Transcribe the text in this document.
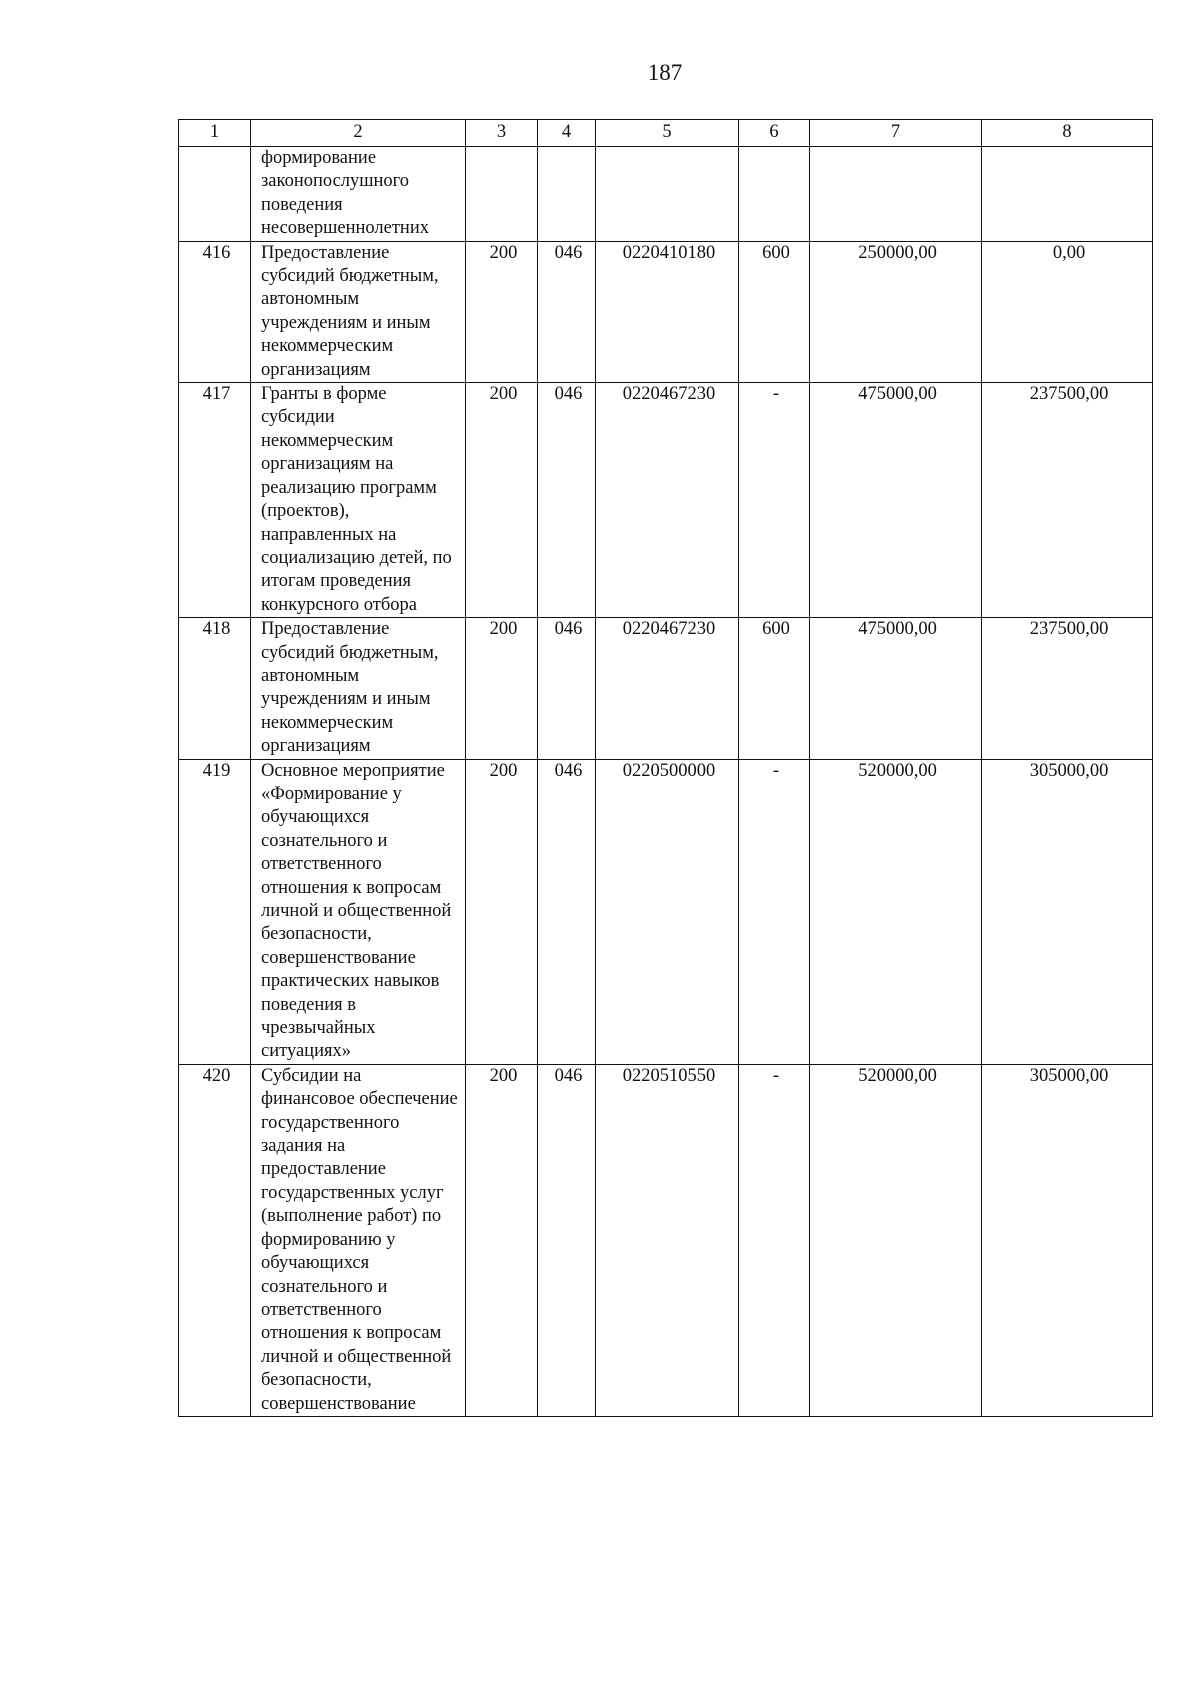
187
1	2	3	4	5	6	7	8
	формирование законопослушного поведения несовершеннолетних						
416	Предоставление субсидий бюджетным, автономным учреждениям и иным некоммерческим организациям	200	046	0220410180	600	250000,00	0,00
417	Гранты в форме субсидии некоммерческим организациям на реализацию программ (проектов), направленных на социализацию детей, по итогам проведения конкурсного отбора	200	046	0220467230	-	475000,00	237500,00
418	Предоставление субсидий бюджетным, автономным учреждениям и иным некоммерческим организациям	200	046	0220467230	600	475000,00	237500,00
419	Основное мероприятие «Формирование у обучающихся сознательного и ответственного отношения к вопросам личной и общественной безопасности, совершенствование практических навыков поведения в чрезвычайных ситуациях»	200	046	0220500000	-	520000,00	305000,00
420	Субсидии на финансовое обеспечение государственного задания на предоставление государственных услуг (выполнение работ) по формированию у обучающихся сознательного и ответственного отношения к вопросам личной и общественной безопасности, совершенствование	200	046	0220510550	-	520000,00	305000,00
